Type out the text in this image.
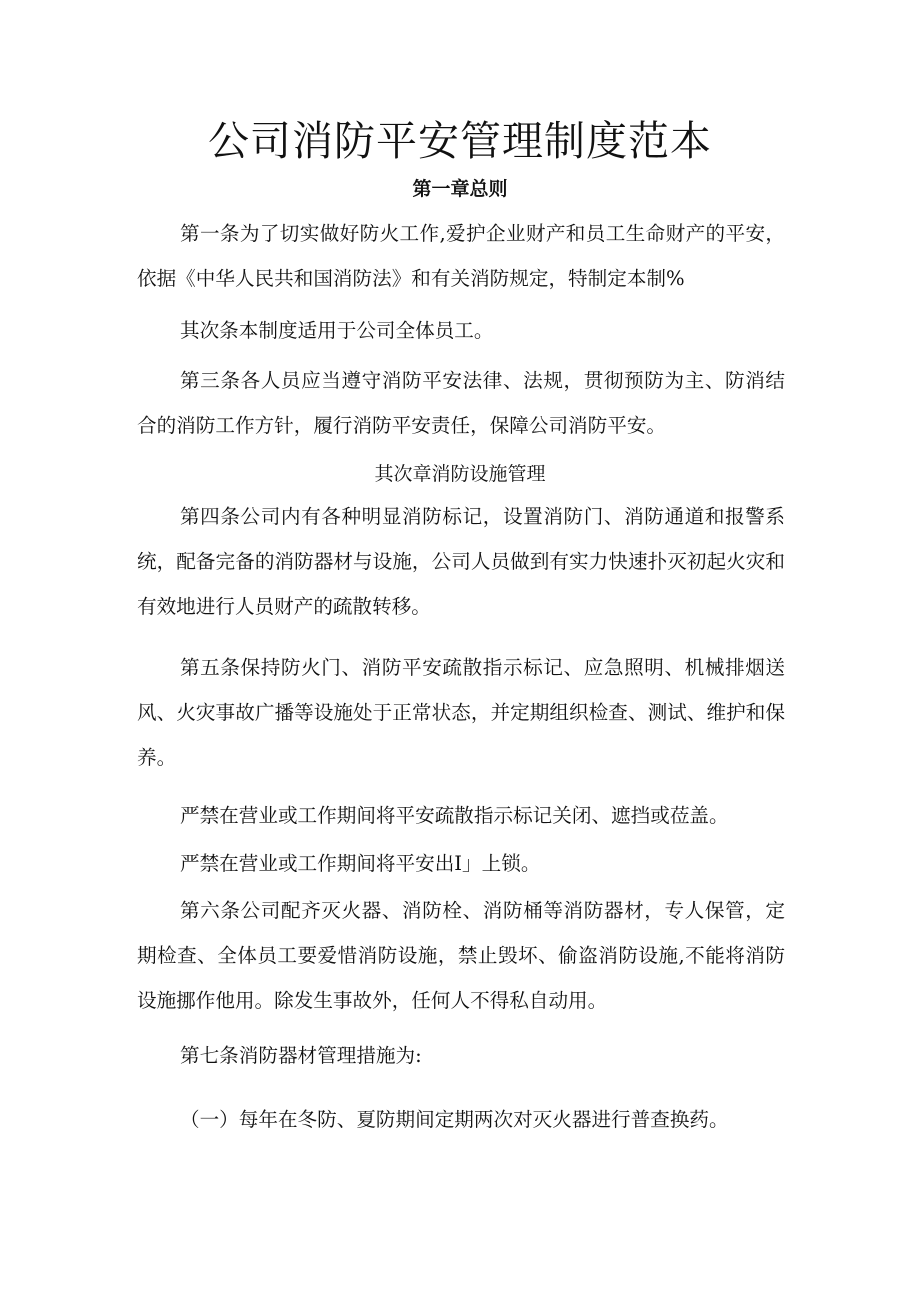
公司消防平安管理制度范本
第一章总则

第一条为了切实做好防火工作,爱护企业财产和员工生命财产的平安，依据《中华人民共和国消防法》和有关消防规定，特制定本制%

其次条本制度适用于公司全体员工。

第三条各人员应当遵守消防平安法律、法规，贯彻预防为主、防消结合的消防工作方针，履行消防平安责任，保障公司消防平安。

其次章消防设施管理

第四条公司内有各种明显消防标记，设置消防门、消防通道和报警系统，配备完备的消防器材与设施，公司人员做到有实力快速扑灭初起火灾和有效地进行人员财产的疏散转移。

第五条保持防火门、消防平安疏散指示标记、应急照明、机械排烟送风、火灾事故广播等设施处于正常状态，并定期组织检查、测试、维护和保养。

严禁在营业或工作期间将平安疏散指示标记关闭、遮挡或莅盖。

严禁在营业或工作期间将平安出I」上锁。

第六条公司配齐灭火器、消防栓、消防桶等消防器材，专人保管，定期检查、全体员工要爱惜消防设施，禁止毁坏、偷盗消防设施,不能将消防设施挪作他用。除发生事故外，任何人不得私自动用。

第七条消防器材管理措施为:

（一）每年在冬防、夏防期间定期两次对灭火器进行普查换药。
